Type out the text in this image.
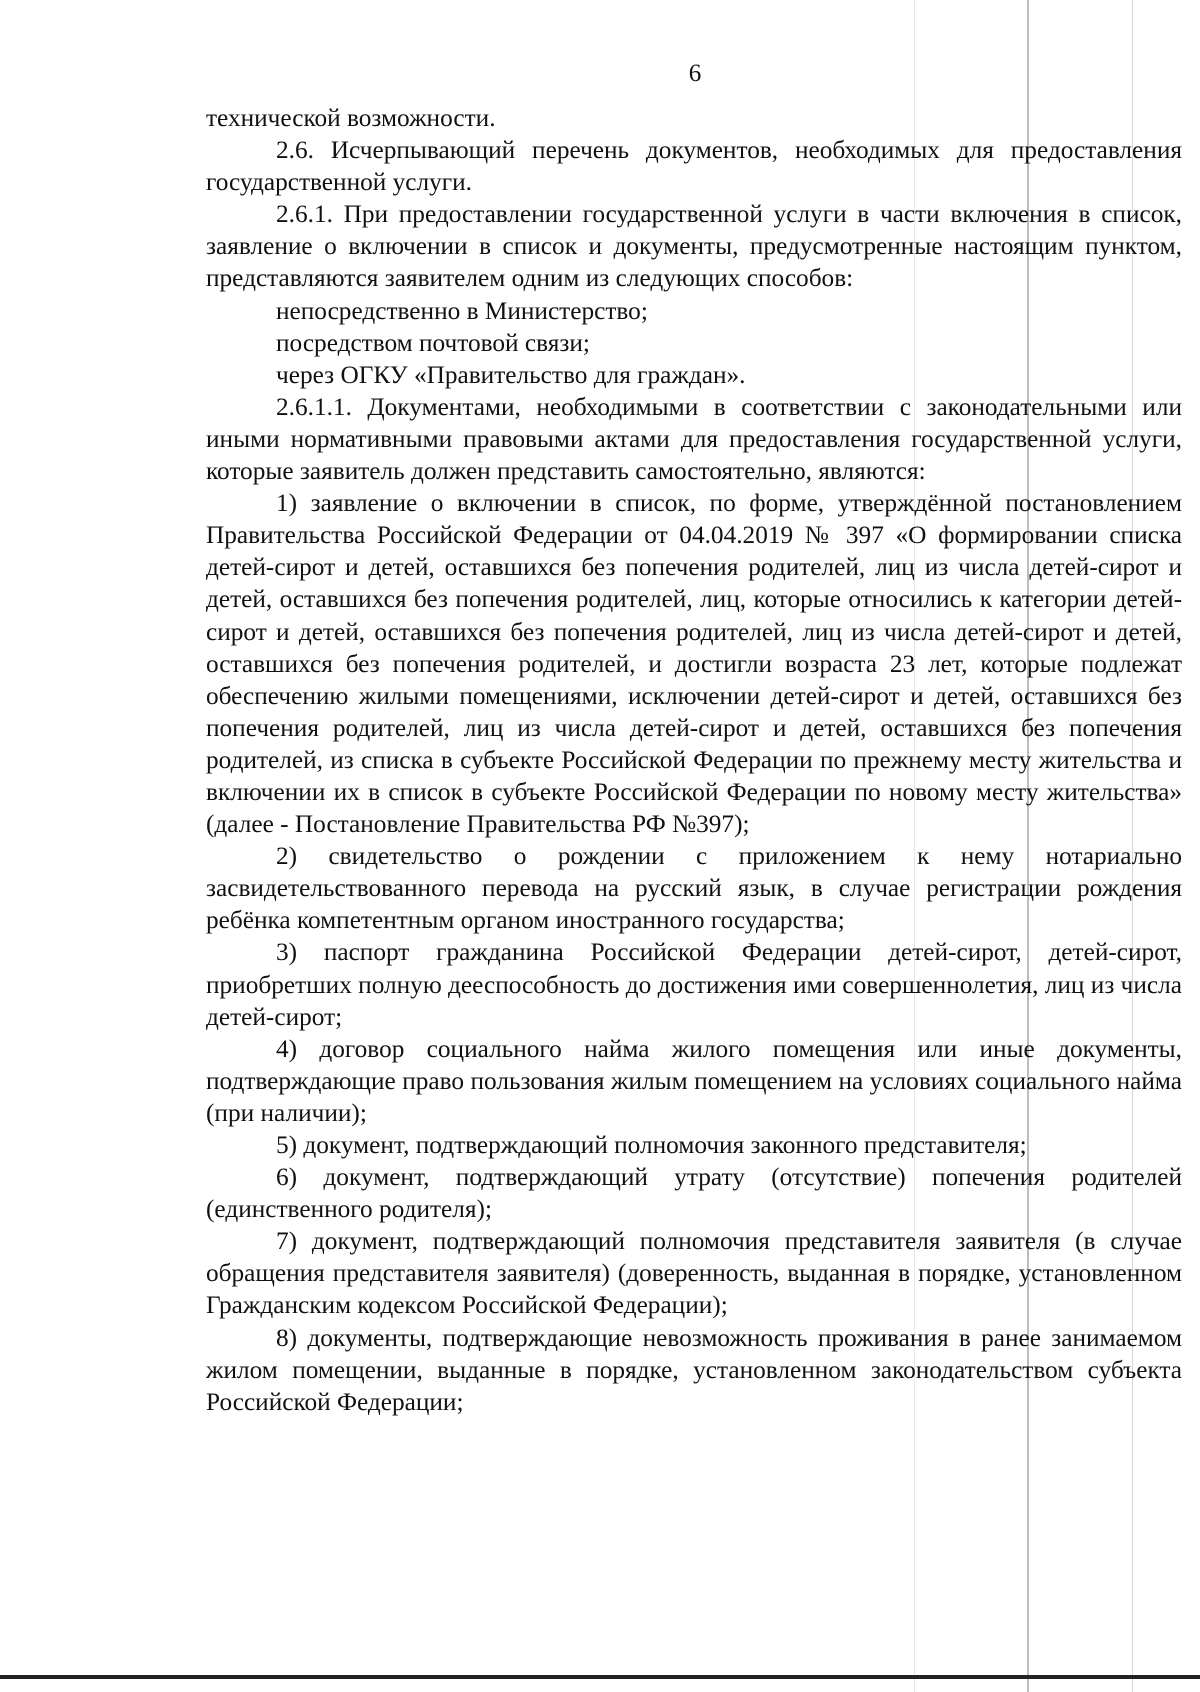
6

технической возможности.

2.6. Исчерпывающий перечень документов, необходимых для предоставления государственной услуги.

2.6.1. При предоставлении государственной услуги в части включения в список, заявление о включении в список и документы, предусмотренные настоящим пунктом, представляются заявителем одним из следующих способов:

непосредственно в Министерство;

посредством почтовой связи;

через ОГКУ «Правительство для граждан».

2.6.1.1. Документами, необходимыми в соответствии с законодательными или иными нормативными правовыми актами для предоставления государственной услуги, которые заявитель должен представить самостоятельно, являются:

1) заявление о включении в список, по форме, утверждённой постановлением Правительства Российской Федерации от 04.04.2019 № 397 «О формировании списка детей-сирот и детей, оставшихся без попечения родителей, лиц из числа детей-сирот и детей, оставшихся без попечения родителей, лиц, которые относились к категории детей-сирот и детей, оставшихся без попечения родителей, лиц из числа детей-сирот и детей, оставшихся без попечения родителей, и достигли возраста 23 лет, которые подлежат обеспечению жилыми помещениями, исключении детей-сирот и детей, оставшихся без попечения родителей, лиц из числа детей-сирот и детей, оставшихся без попечения родителей, из списка в субъекте Российской Федерации по прежнему месту жительства и включении их в список в субъекте Российской Федерации по новому месту жительства» (далее - Постановление Правительства РФ №397);

2) свидетельство о рождении с приложением к нему нотариально засвидетельствованного перевода на русский язык, в случае регистрации рождения ребёнка компетентным органом иностранного государства;

3) паспорт гражданина Российской Федерации детей-сирот, детей-сирот, приобретших полную дееспособность до достижения ими совершеннолетия, лиц из числа детей-сирот;

4) договор социального найма жилого помещения или иные документы, подтверждающие право пользования жилым помещением на условиях социального найма (при наличии);

5) документ, подтверждающий полномочия законного представителя;

6) документ, подтверждающий утрату (отсутствие) попечения родителей (единственного родителя);

7) документ, подтверждающий полномочия представителя заявителя (в случае обращения представителя заявителя) (доверенность, выданная в порядке, установленном Гражданским кодексом Российской Федерации);

8) документы, подтверждающие невозможность проживания в ранее занимаемом жилом помещении, выданные в порядке, установленном законодательством субъекта Российской Федерации;
